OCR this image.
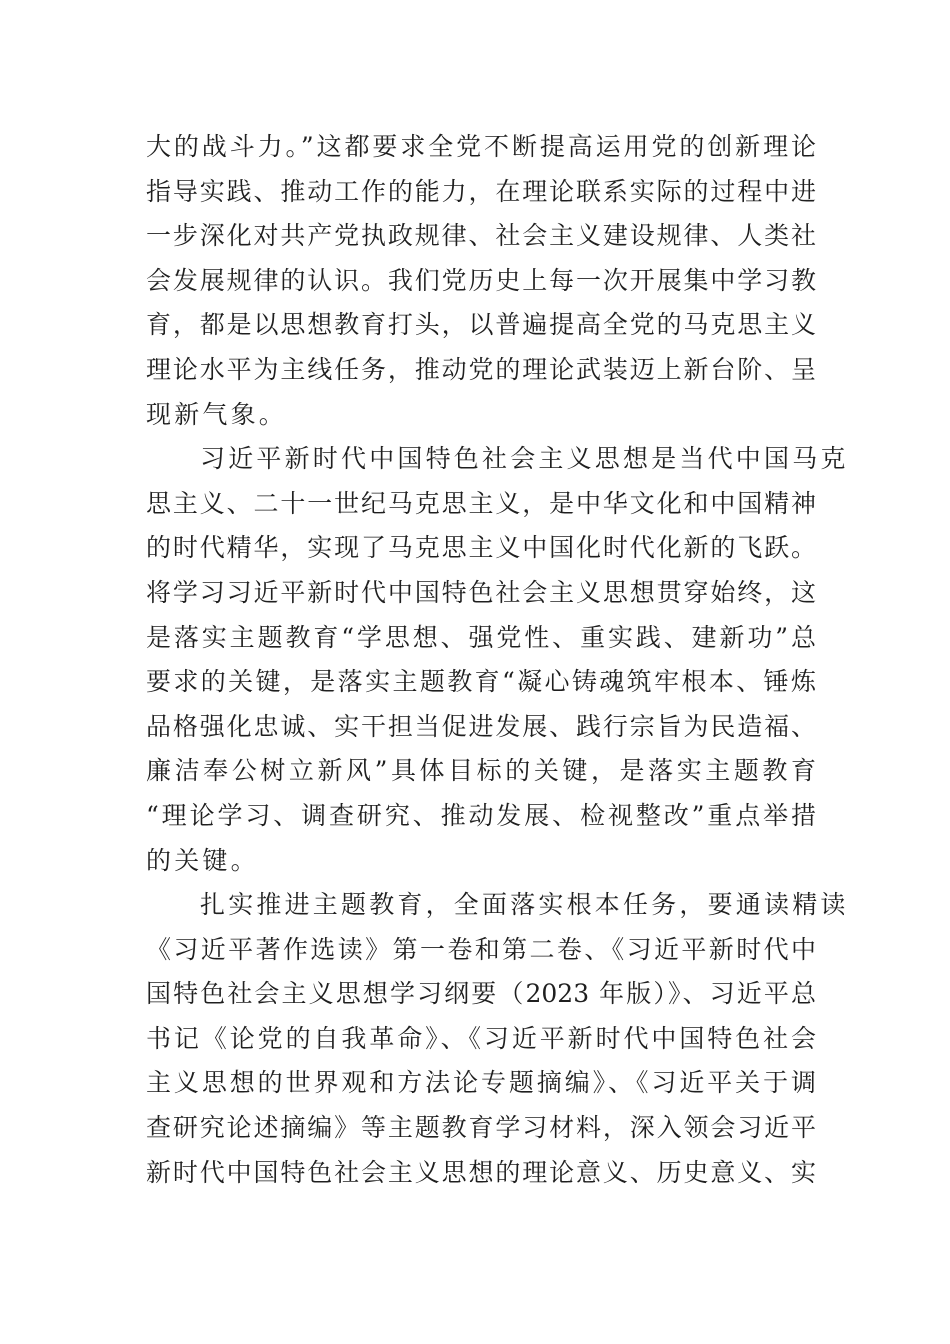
大的战斗力。”这都要求全党不断提高运用党的创新理论
指导实践、推动工作的能力，在理论联系实际的过程中进
一步深化对共产党执政规律、社会主义建设规律、人类社
会发展规律的认识。我们党历史上每一次开展集中学习教
育，都是以思想教育打头，以普遍提高全党的马克思主义
理论水平为主线任务，推动党的理论武装迈上新台阶、呈
现新气象。
习近平新时代中国特色社会主义思想是当代中国马克
思主义、二十一世纪马克思主义，是中华文化和中国精神
的时代精华，实现了马克思主义中国化时代化新的飞跃。
将学习习近平新时代中国特色社会主义思想贯穿始终，这
是落实主题教育“学思想、强党性、重实践、建新功”总
要求的关键，是落实主题教育“凝心铸魂筑牢根本、锤炼
品格强化忠诚、实干担当促进发展、践行宗旨为民造福、
廉洁奉公树立新风”具体目标的关键，是落实主题教育
“理论学习、调查研究、推动发展、检视整改”重点举措
的关键。
扎实推进主题教育，全面落实根本任务，要通读精读
《习近平著作选读》第一卷和第二卷、《习近平新时代中
国特色社会主义思想学习纲要（2023 年版）》、习近平总
书记《论党的自我革命》、《习近平新时代中国特色社会
主义思想的世界观和方法论专题摘编》、《习近平关于调
查研究论述摘编》等主题教育学习材料，深入领会习近平
新时代中国特色社会主义思想的理论意义、历史意义、实
